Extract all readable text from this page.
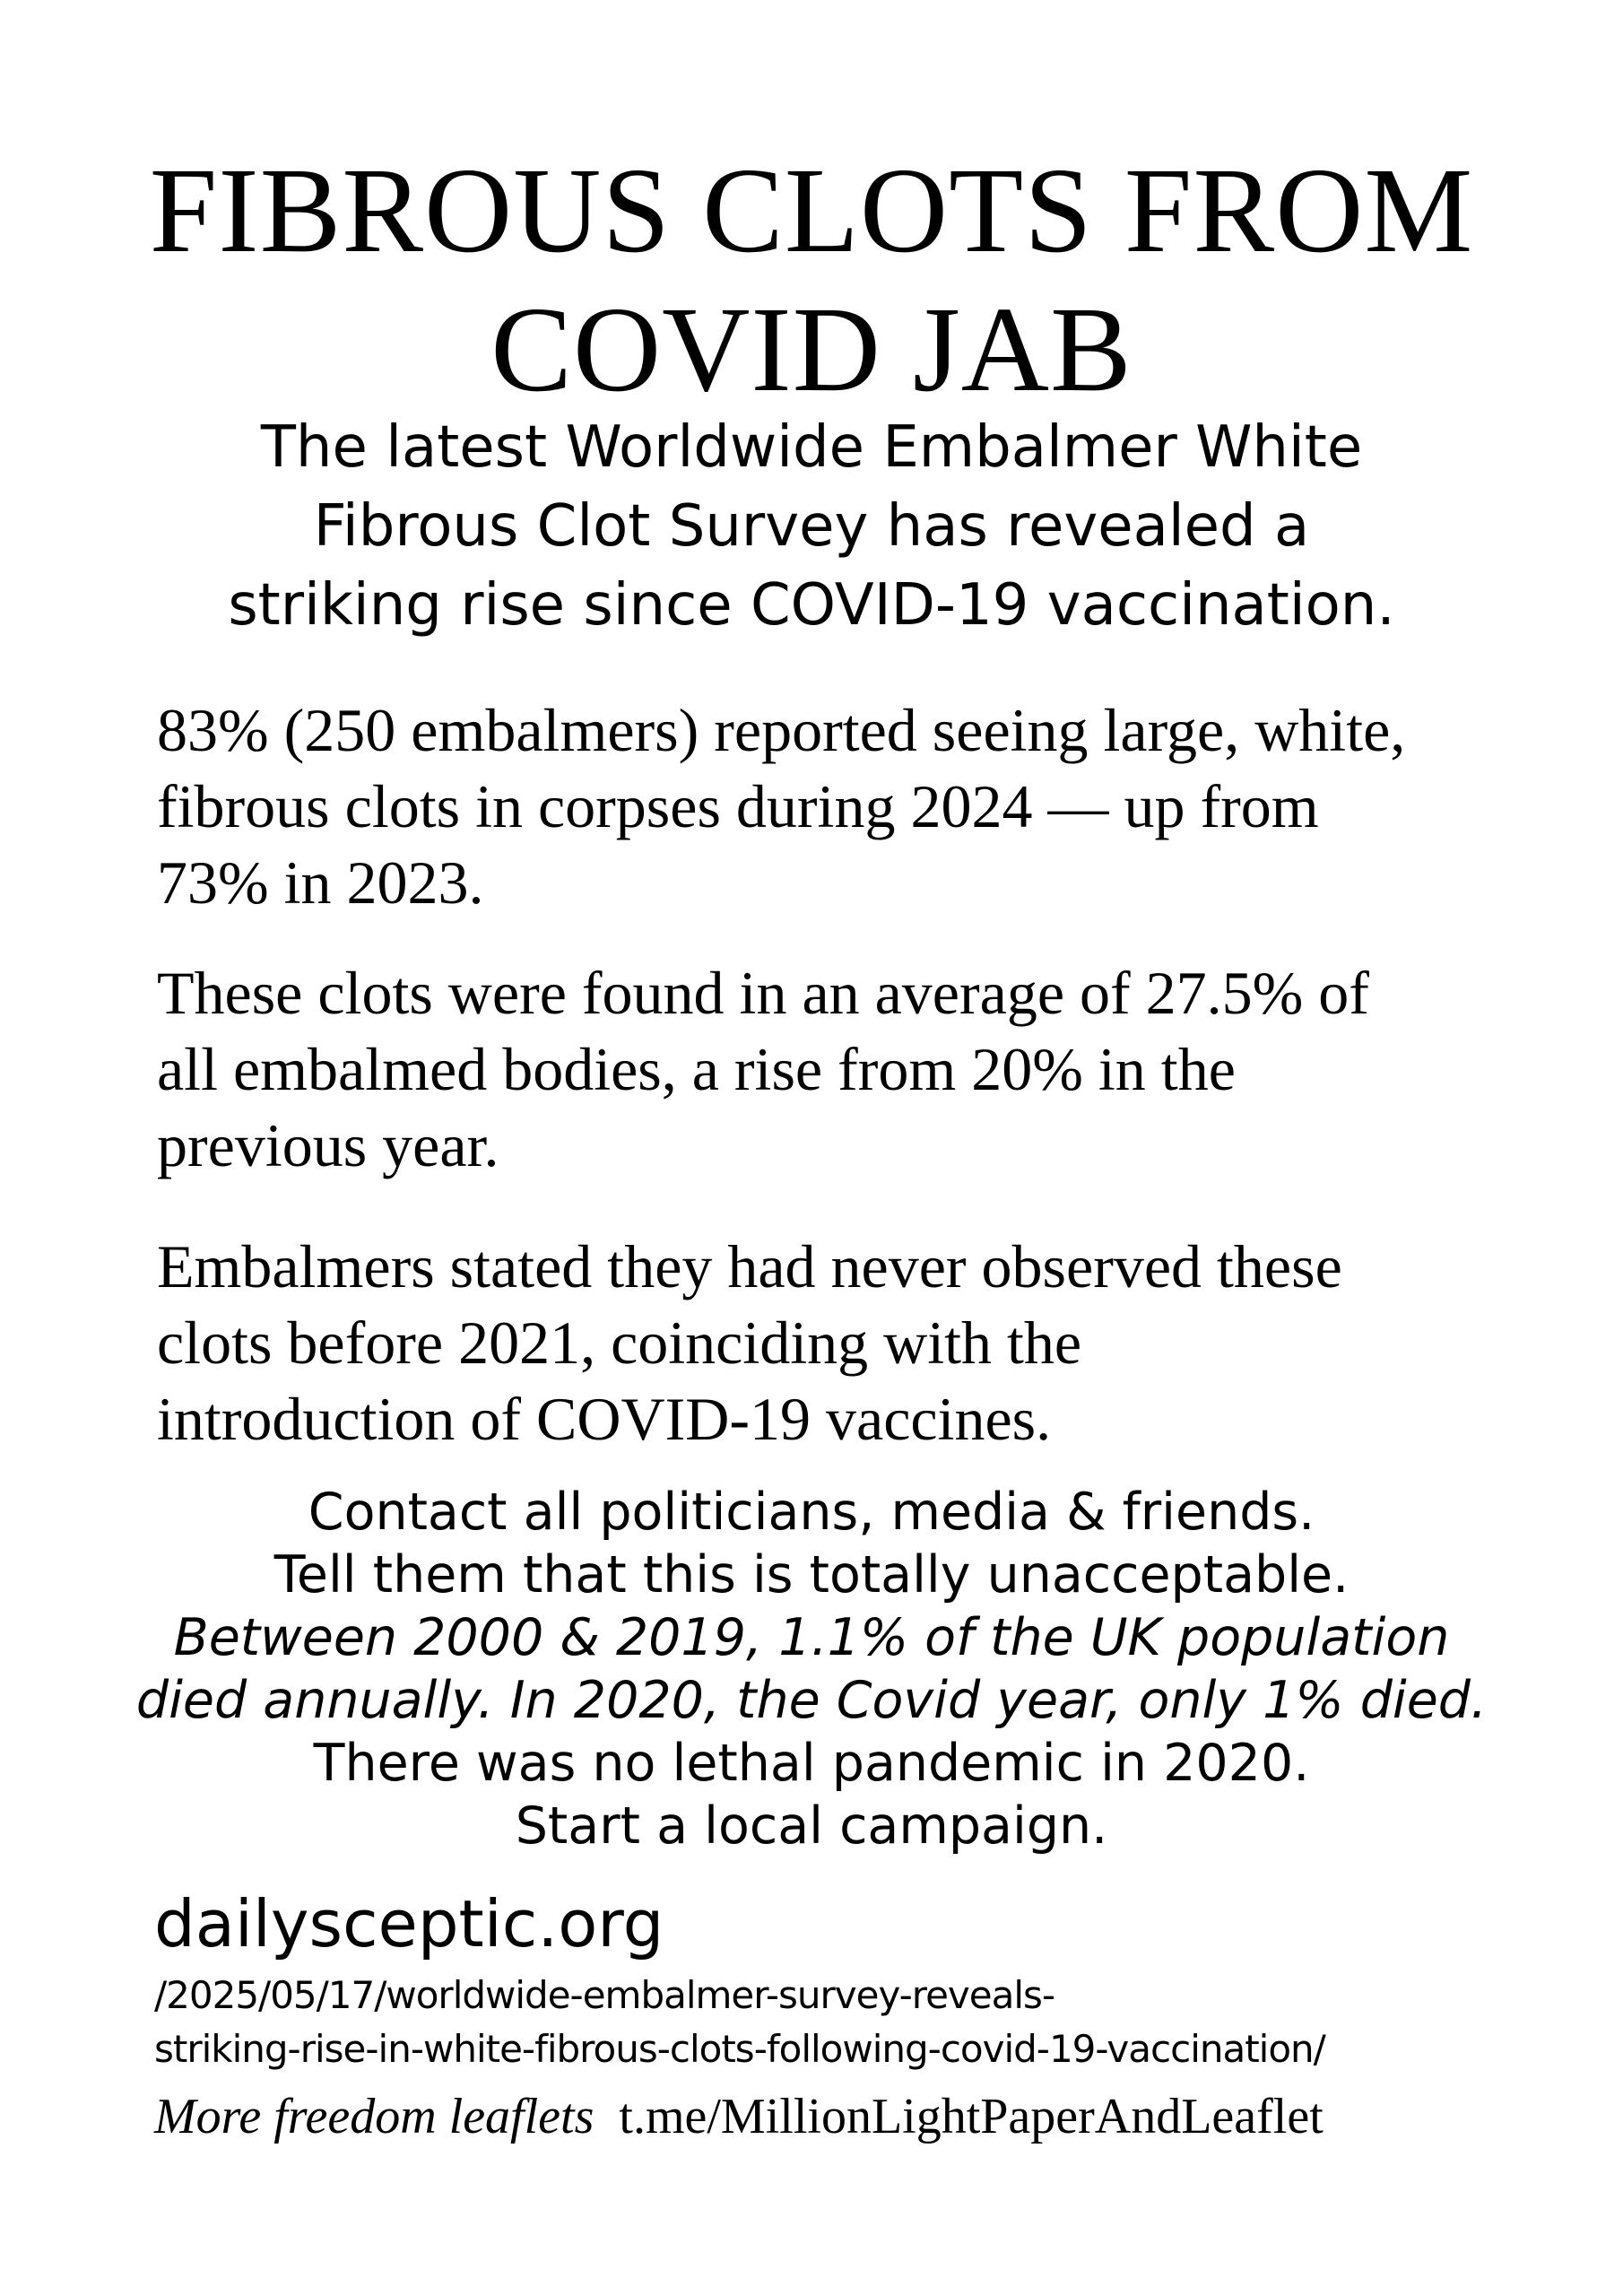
FIBROUS CLOTS FROM
COVID JAB
The latest Worldwide Embalmer White
Fibrous Clot Survey has revealed a
striking rise since COVID-19 vaccination.
83% (250 embalmers) reported seeing large, white,
fibrous clots in corpses during 2024 — up from
73% in 2023.
These clots were found in an average of 27.5% of
all embalmed bodies, a rise from 20% in the
previous year.
Embalmers stated they had never observed these
clots before 2021, coinciding with the
introduction of COVID-19 vaccines.
Contact all politicians, media & friends.
Tell them that this is totally unacceptable.
Between 2000 & 2019, 1.1% of the UK population
died annually. In 2020, the Covid year, only 1% died.
There was no lethal pandemic in 2020.
Start a local campaign.
dailysceptic.org
/2025/05/17/worldwide-embalmer-survey-reveals-
striking-rise-in-white-fibrous-clots-following-covid-19-vaccination/
More freedom leaflets t.me/MillionLightPaperAndLeaflet
